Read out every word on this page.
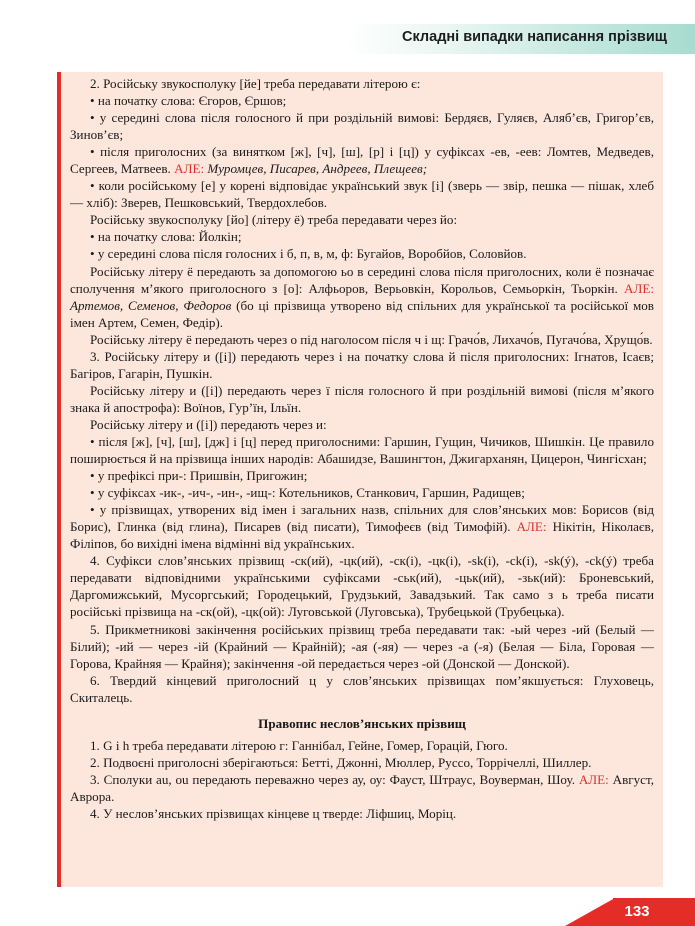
Складні випадки написання прізвищ

2. Російську звукосполуку [йе] треба передавати літерою є:

• на початку слова: Єгоров, Єршов;

• у середині слова після голосного й при роздільній вимові: Бердяєв, Гуляєв, Аляб’єв, Григор’єв, Зинов’єв;

• після приголосних (за винятком [ж], [ч], [ш], [р] і [ц]) у суфіксах -ев, -еев: Ломтев, Медведев, Сергеев, Матвеев. АЛЕ: Муромцев, Писарев, Андреев, Плещеев;

• коли російському [е] у корені відповідає український звук [і] (зверь — звір, пешка — пішак, хлеб — хліб): Зверев, Пешковський, Твердохлебов.

Російську звукосполуку [йо] (літеру ё) треба передавати через йо:

• на початку слова: Йолкін;

• у середині слова після голосних і б, п, в, м, ф: Бугайов, Воробйов, Соловйов.

Російську літеру ё передають за допомогою ьо в середині слова після приголосних, коли ё позначає сполучення м’якого приголосного з [о]: Алфьоров, Верьовкін, Корольов, Семьоркін, Тьоркін. АЛЕ: Артемов, Семенов, Федоров (бо ці прізвища утворено від спільних для української та російської мов імен Артем, Семен, Федір).

Російську літеру ё передають через о під наголосом після ч і щ: Грачо́в, Лихачо́в, Пугачо́ва, Хрущо́в.

3. Російську літеру и ([і]) передають через і на початку слова й після приголосних: Ігнатов, Ісаєв; Багіров, Гагарін, Пушкін.

Російську літеру и ([і]) передають через ї після голосного й при роздільній вимові (після м’якого знака й апострофа): Воїнов, Гур’їн, Ільїн.

Російську літеру и ([і]) передають через и:

• після [ж], [ч], [ш], [дж] і [ц] перед приголосними: Гаршин, Гущин, Чичиков, Шишкін. Це правило поширюється й на прізвища інших народів: Абашидзе, Вашингтон, Джигарханян, Цицерон, Чингісхан;

• у префіксі при-: Пришвін, Пригожин;

• у суфіксах -ик-, -ич-, -ин-, -ищ-: Котельников, Станкович, Гаршин, Радищев;

• у прізвищах, утворених від імен і загальних назв, спільних для слов’янських мов: Борисов (від Борис), Глинка (від глина), Писарев (від писати), Тимофеєв (від Тимофій). АЛЕ: Нікітін, Ніколаєв, Філіпов, бо вихідні імена відмінні від українських.

4. Суфікси слов’янських прізвищ -ск(ий), -цк(ий), -ск(і), -цк(і), -sk(i), -ck(i), -sk(ý), -ck(ý) треба передавати відповідними українськими суфіксами -ськ(ий), -цьк(ий), -зьк(ий): Броневський, Даргомижський, Мусоргський; Городецький, Грудзький, Завадзький. Так само з ь треба писати російські прізвища на -ск(ой), -цк(ой): Луговськой (Луговська), Трубецькой (Трубецька).

5. Прикметникові закінчення російських прізвищ треба передавати так: -ый через -ий (Белый — Білий); -ий — через -ій (Крайний — Крайній); -ая (-яя) — через -а (-я) (Белая — Біла, Горовая — Горова, Крайняя — Крайня); закінчення -ой передається через -ой (Донской — Донской).

6. Твердий кінцевий приголосний ц у слов’янських прізвищах пом’якшується: Глуховець, Скиталець.

Правопис неслов’янських прізвищ

1. G і h треба передавати літерою г: Ганнібал, Гейне, Гомер, Горацій, Гюго.

2. Подвоєні приголосні зберігаються: Бетті, Джонні, Мюллер, Руссо, Торрічеллі, Шиллер.

3. Сполуки au, ou передають переважно через ау, оу: Фауст, Штраус, Воуверман, Шоу. АЛЕ: Август, Аврора.

4. У неслов’янських прізвищах кінцеве ц тверде: Ліфшиц, Моріц.

133
